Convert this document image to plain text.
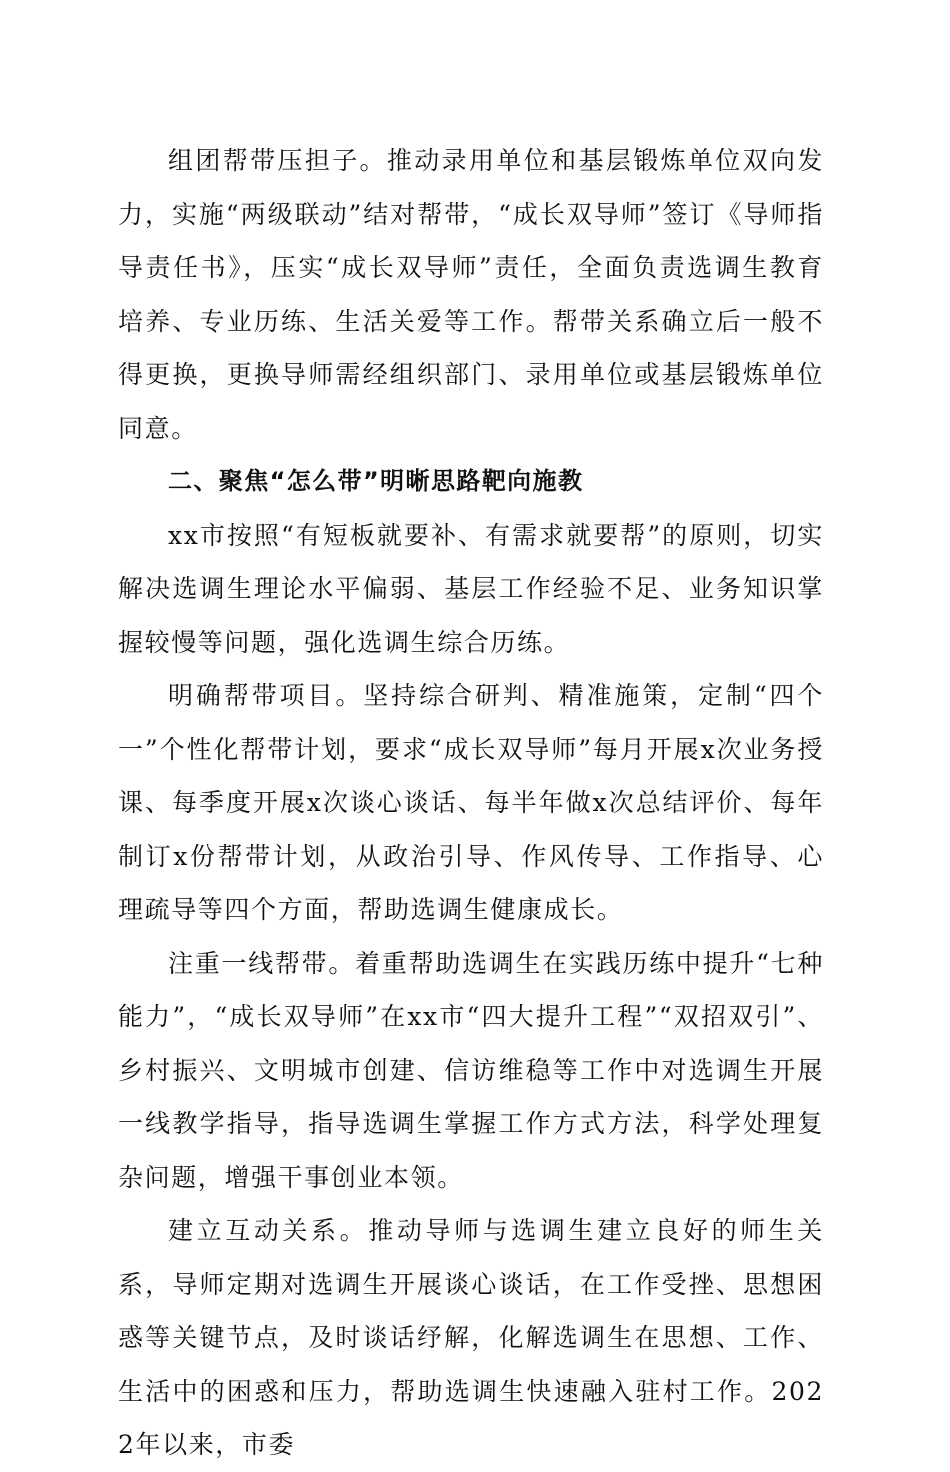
组团帮带压担子。推动录用单位和基层锻炼单位双向发力，实施“两级联动”结对帮带，“成长双导师”签订《导师指导责任书》，压实“成长双导师”责任，全面负责选调生教育培养、专业历练、生活关爱等工作。帮带关系确立后一般不得更换，更换导师需经组织部门、录用单位或基层锻炼单位同意。

二、聚焦“怎么带”明晰思路靶向施教

xx市按照“有短板就要补、有需求就要帮”的原则，切实解决选调生理论水平偏弱、基层工作经验不足、业务知识掌握较慢等问题，强化选调生综合历练。

明确帮带项目。坚持综合研判、精准施策，定制“四个一”个性化帮带计划，要求“成长双导师”每月开展x次业务授课、每季度开展x次谈心谈话、每半年做x次总结评价、每年制订x份帮带计划，从政治引导、作风传导、工作指导、心理疏导等四个方面，帮助选调生健康成长。

注重一线帮带。着重帮助选调生在实践历练中提升“七种能力”，“成长双导师”在xx市“四大提升工程”“双招双引”、乡村振兴、文明城市创建、信访维稳等工作中对选调生开展一线教学指导，指导选调生掌握工作方式方法，科学处理复杂问题，增强干事创业本领。

建立互动关系。推动导师与选调生建立良好的师生关系，导师定期对选调生开展谈心谈话，在工作受挫、思想困惑等关键节点，及时谈话纾解，化解选调生在思想、工作、生活中的困惑和压力，帮助选调生快速融入驻村工作。2022年以来，市委
